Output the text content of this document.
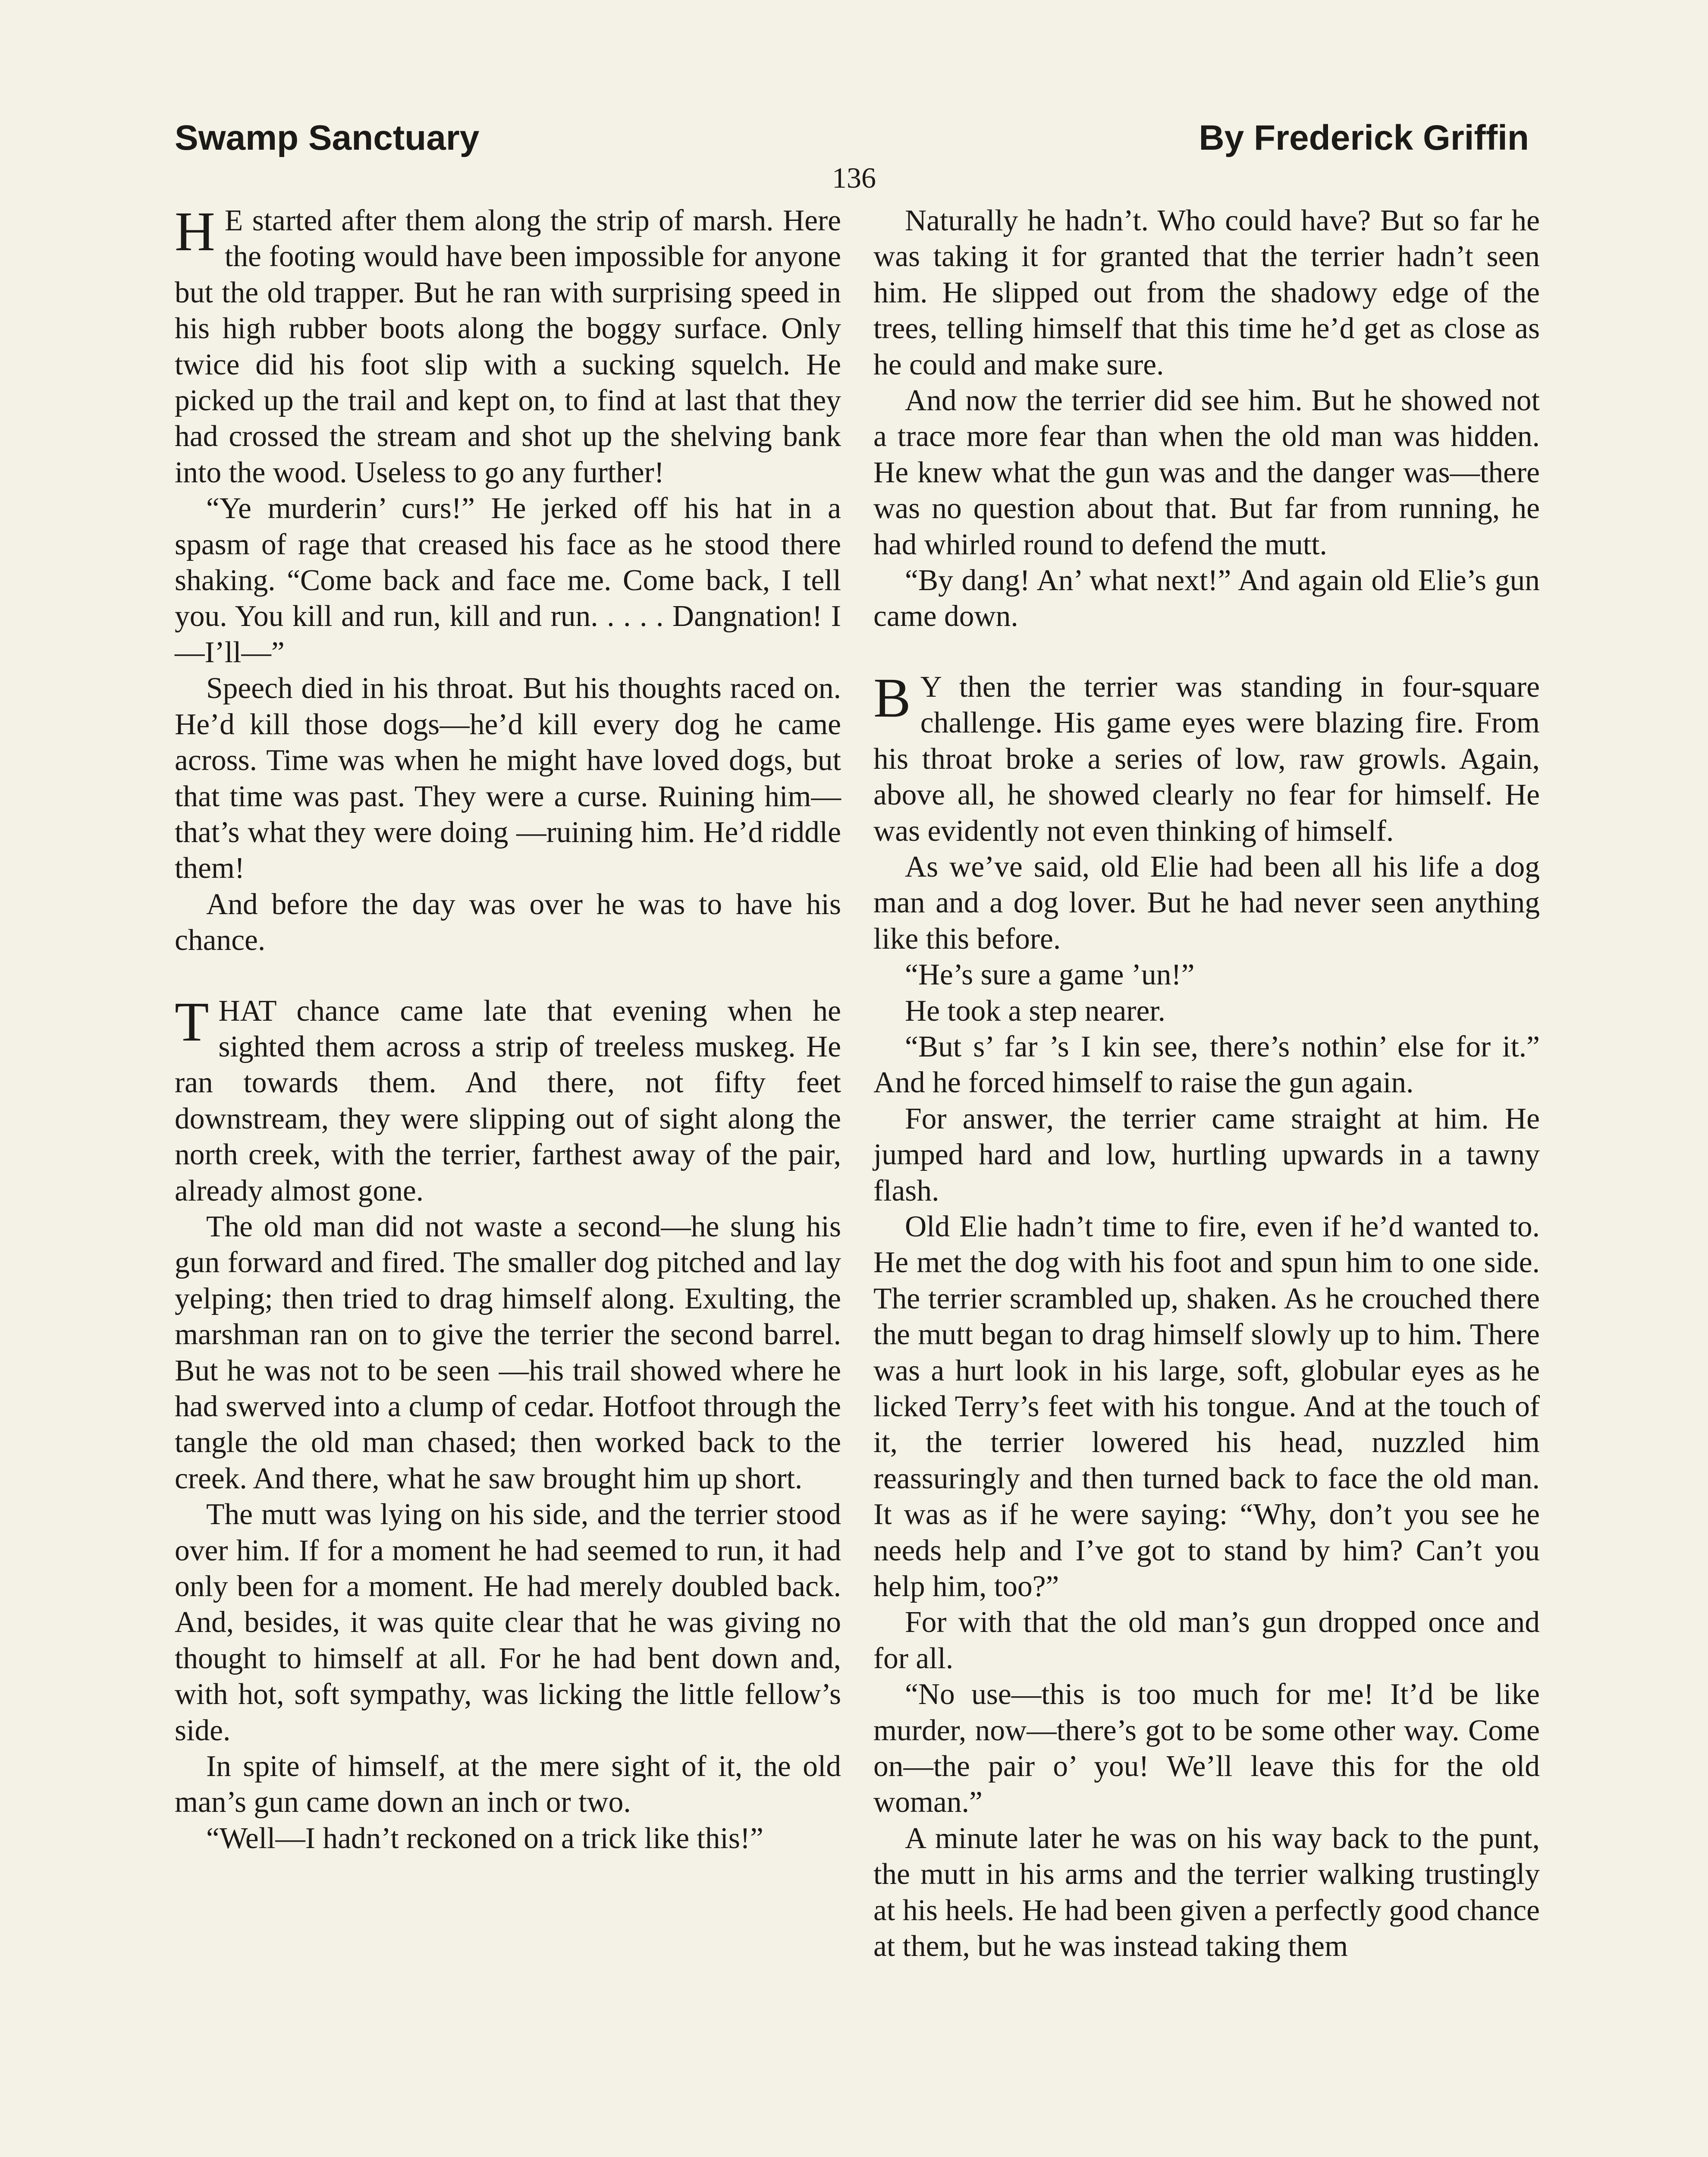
Swamp Sanctuary	By Frederick Griffin
136

H E started after them along the strip of marsh. Here the footing would have been impossible for anyone but the old trapper. But he ran with surprising speed in his high rubber boots along the boggy surface. Only twice did his foot slip with a sucking squelch. He picked up the trail and kept on, to find at last that they had crossed the stream and shot up the shelving bank into the wood. Useless to go any further!

“Ye murderin’ curs!” He jerked off his hat in a spasm of rage that creased his face as he stood there shaking. “Come back and face me. Come back, I tell you. You kill and run, kill and run. . . . . Dangnation! I—I’ll—”

Speech died in his throat. But his thoughts raced on. He’d kill those dogs—he’d kill every dog he came across. Time was when he might have loved dogs, but that time was past. They were a curse. Ruining him—that’s what they were doing —ruining him. He’d riddle them!

And before the day was over he was to have his chance.

THAT chance came late that evening when he sighted them across a strip of treeless muskeg. He ran towards them. And there, not fifty feet downstream, they were slipping out of sight along the north creek, with the terrier, farthest away of the pair, already almost gone.

The old man did not waste a second—he slung his gun forward and fired. The smaller dog pitched and lay yelping; then tried to drag himself along. Exulting, the marshman ran on to give the terrier the second barrel. But he was not to be seen —his trail showed where he had swerved into a clump of cedar. Hotfoot through the tangle the old man chased; then worked back to the creek. And there, what he saw brought him up short.

The mutt was lying on his side, and the terrier stood over him. If for a moment he had seemed to run, it had only been for a moment. He had merely doubled back. And, besides, it was quite clear that he was giving no thought to himself at all. For he had bent down and, with hot, soft sympathy, was licking the little fellow’s side.

In spite of himself, at the mere sight of it, the old man’s gun came down an inch or two.

“Well—I hadn’t reckoned on a trick like this!”

Naturally he hadn’t. Who could have? But so far he was taking it for granted that the terrier hadn’t seen him. He slipped out from the shadowy edge of the trees, telling himself that this time he’d get as close as he could and make sure.

And now the terrier did see him. But he showed not a trace more fear than when the old man was hidden. He knew what the gun was and the danger was—there was no question about that. But far from running, he had whirled round to defend the mutt.

“By dang! An’ what next!” And again old Elie’s gun came down.

B Y then the terrier was standing in four-square challenge. His game eyes were blazing fire. From his throat broke a series of low, raw growls. Again, above all, he showed clearly no fear for himself. He was evidently not even thinking of himself.

As we’ve said, old Elie had been all his life a dog man and a dog lover. But he had never seen anything like this before.

“He’s sure a game ’un!”

He took a step nearer.

“But s’ far ’s I kin see, there’s nothin’ else for it.” And he forced himself to raise the gun again.

For answer, the terrier came straight at him. He jumped hard and low, hurtling upwards in a tawny flash.

Old Elie hadn’t time to fire, even if he’d wanted to. He met the dog with his foot and spun him to one side. The terrier scrambled up, shaken. As he crouched there the mutt began to drag himself slowly up to him. There was a hurt look in his large, soft, globular eyes as he licked Terry’s feet with his tongue. And at the touch of it, the terrier lowered his head, nuzzled him reassuringly and then turned back to face the old man. It was as if he were saying: “Why, don’t you see he needs help and I’ve got to stand by him? Can’t you help him, too?”

For with that the old man’s gun dropped once and for all.

“No use—this is too much for me! It’d be like murder, now—there’s got to be some other way. Come on—the pair o’ you! We’ll leave this for the old woman.”

A minute later he was on his way back to the punt, the mutt in his arms and the terrier walking trustingly at his heels. He had been given a perfectly good chance at them, but he was instead taking them
